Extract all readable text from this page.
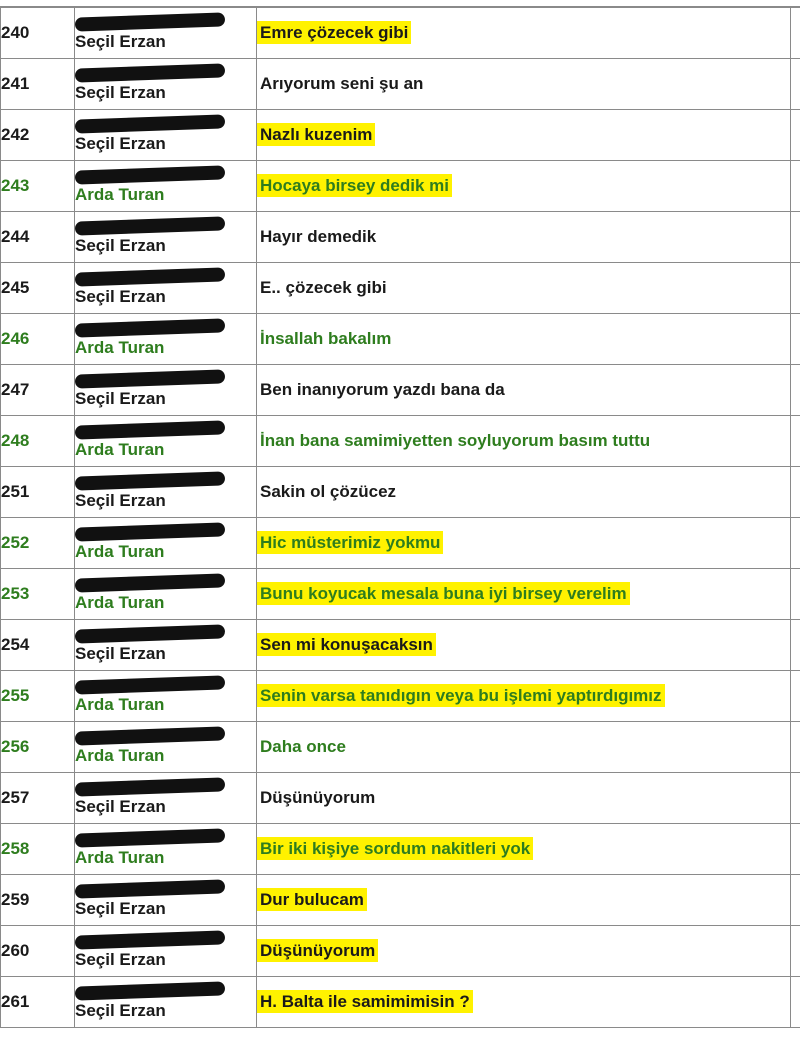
240	Seçil Erzan	Emre çözecek gibi	

241	Seçil Erzan	Arıyorum seni şu an	

242	Seçil Erzan	Nazlı kuzenim	

243	Arda Turan	Hocaya birsey dedik mi	

244	Seçil Erzan	Hayır demedik	

245	Seçil Erzan	E.. çözecek gibi	

246	Arda Turan	İnsallah bakalım	

247	Seçil Erzan	Ben inanıyorum yazdı bana da	

248	Arda Turan	İnan bana samimiyetten soyluyorum basım tuttu	

251	Seçil Erzan	Sakin ol çözücez	

252	Arda Turan	Hic müsterimiz yokmu	

253	Arda Turan	Bunu koyucak mesala buna iyi birsey verelim	

254	Seçil Erzan	Sen mi konuşacaksın	

255	Arda Turan	Senin varsa tanıdıgın veya bu işlemi yaptırdıgımız	

256	Arda Turan	Daha once	

257	Seçil Erzan	Düşünüyorum	

258	Arda Turan	Bir iki kişiye sordum nakitleri yok	

259	Seçil Erzan	Dur bulucam	

260	Seçil Erzan	Düşünüyorum	

261	Seçil Erzan	H. Balta ile samimimisin ?	
